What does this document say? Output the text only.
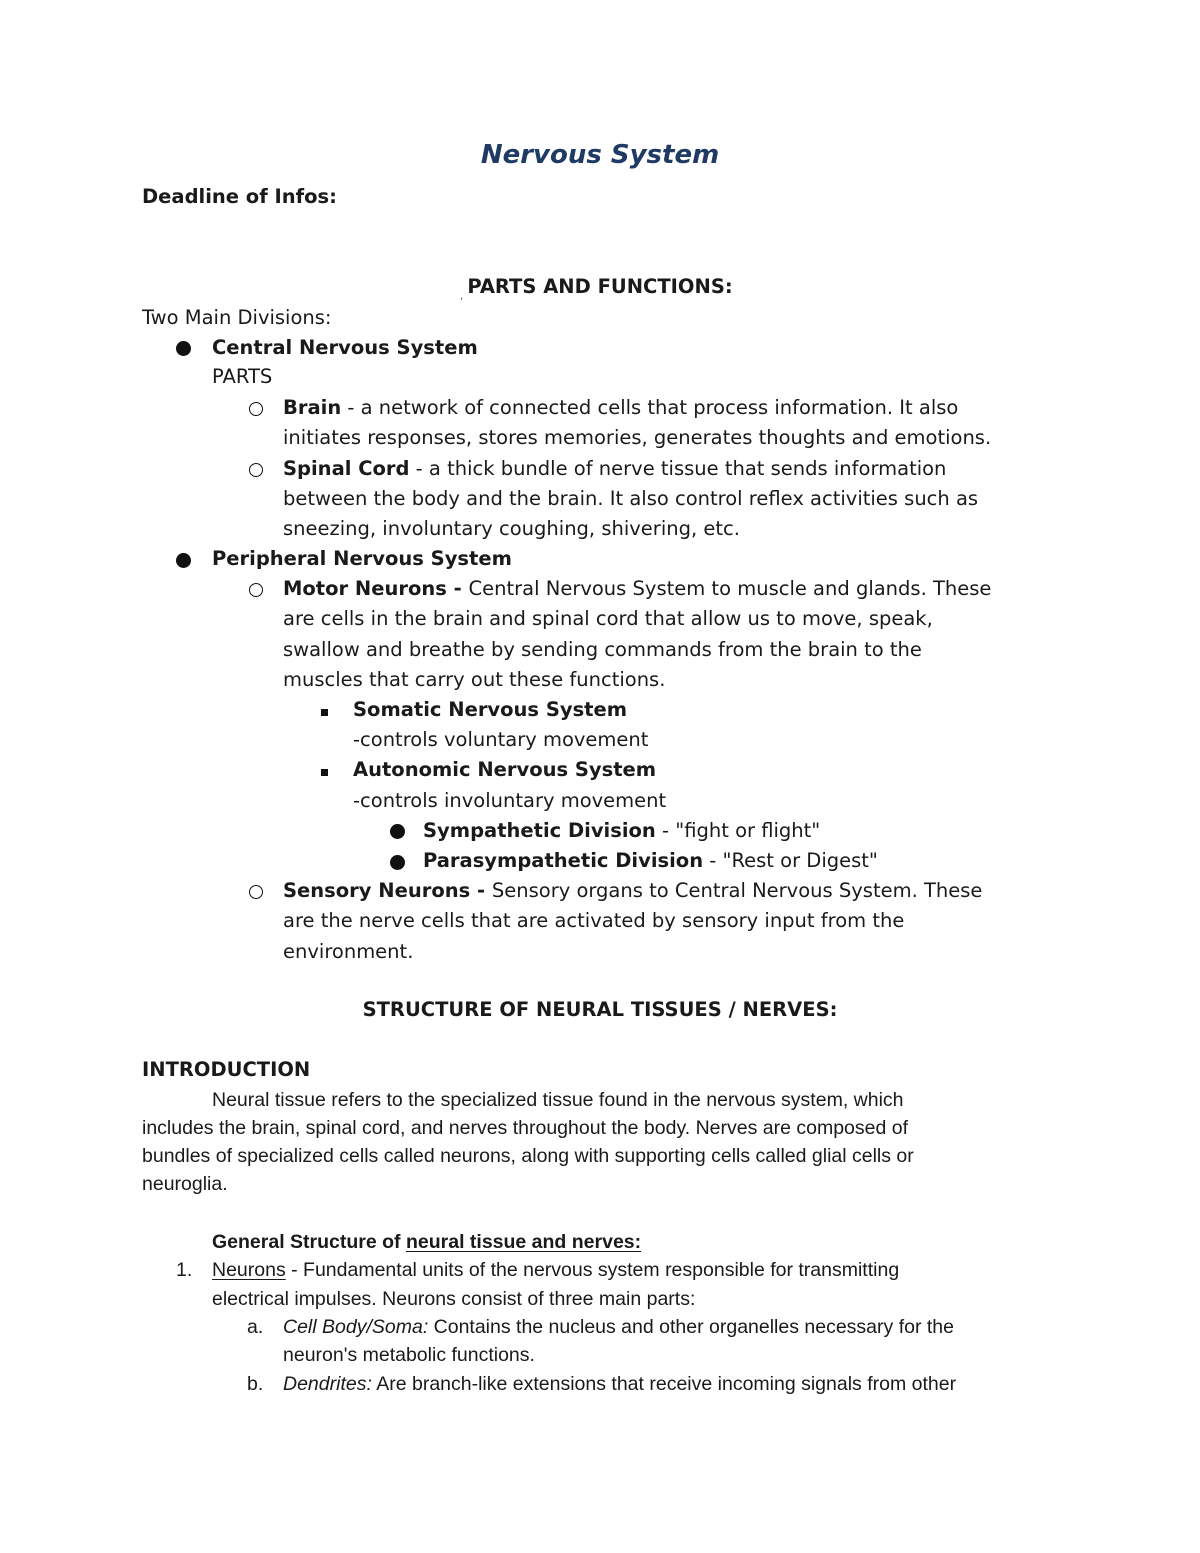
Nervous System
Deadline of Infos:
, PARTS AND FUNCTIONS:
Two Main Divisions:
Central Nervous System
PARTS
Brain - a network of connected cells that process information. It also
initiates responses, stores memories, generates thoughts and emotions.
Spinal Cord - a thick bundle of nerve tissue that sends information
between the body and the brain. It also control reflex activities such as
sneezing, involuntary coughing, shivering, etc.
Peripheral Nervous System
Motor Neurons - Central Nervous System to muscle and glands. These
are cells in the brain and spinal cord that allow us to move, speak,
swallow and breathe by sending commands from the brain to the
muscles that carry out these functions.
Somatic Nervous System
-controls voluntary movement
Autonomic Nervous System
-controls involuntary movement
Sympathetic Division - "fight or flight"
Parasympathetic Division - "Rest or Digest"
Sensory Neurons - Sensory organs to Central Nervous System. These
are the nerve cells that are activated by sensory input from the
environment.
STRUCTURE OF NEURAL TISSUES / NERVES:
INTRODUCTION
Neural tissue refers to the specialized tissue found in the nervous system, which
includes the brain, spinal cord, and nerves throughout the body. Nerves are composed of
bundles of specialized cells called neurons, along with supporting cells called glial cells or
neuroglia.
General Structure of neural tissue and nerves:
1. Neurons - Fundamental units of the nervous system responsible for transmitting
electrical impulses. Neurons consist of three main parts:
a. Cell Body/Soma: Contains the nucleus and other organelles necessary for the
neuron's metabolic functions.
b. Dendrites: Are branch-like extensions that receive incoming signals from other
